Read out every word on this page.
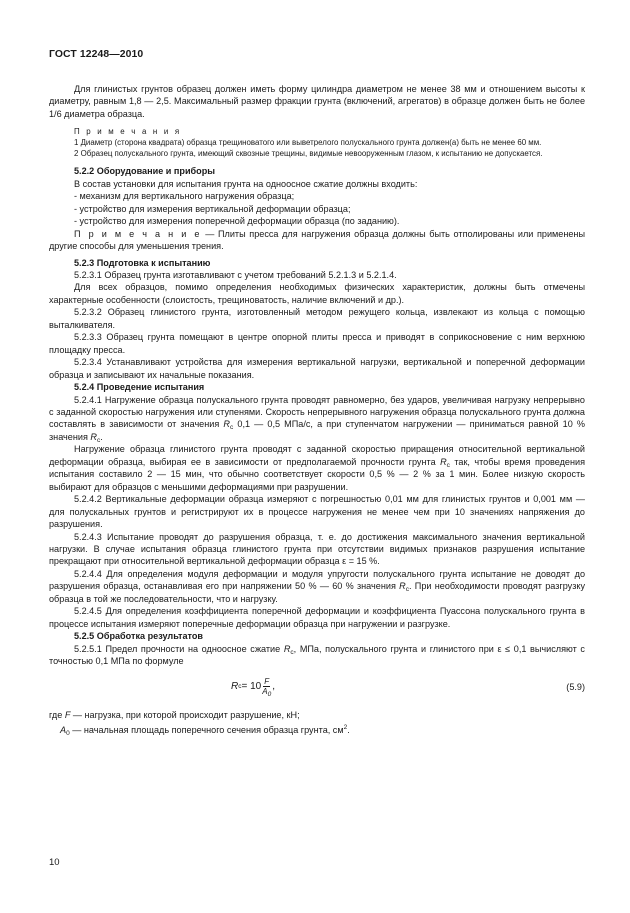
ГОСТ 12248—2010

Для глинистых грунтов образец должен иметь форму цилиндра диаметром не менее 38 мм и отношением высоты к диаметру, равным 1,8 — 2,5. Максимальный размер фракции грунта (включений, агрегатов) в образце должен быть не более 1/6 диаметра образца.

П р и м е ч а н и я

1 Диаметр (сторона квадрата) образца трещиноватого или выветрелого полускального грунта должен(а) быть не менее 60 мм.

2 Образец полускального грунта, имеющий сквозные трещины, видимые невооруженным глазом, к испытанию не допускается.

5.2.2 Оборудование и приборы

В состав установки для испытания грунта на одноосное сжатие должны входить:

- механизм для вертикального нагружения образца;

- устройство для измерения вертикальной деформации образца;

- устройство для измерения поперечной деформации образца (по заданию).

П р и м е ч а н и е — Плиты пресса для нагружения образца должны быть отполированы или применены другие способы для уменьшения трения.

5.2.3 Подготовка к испытанию

5.2.3.1 Образец грунта изготавливают с учетом требований 5.2.1.3 и 5.2.1.4.

Для всех образцов, помимо определения необходимых физических характеристик, должны быть отмечены характерные особенности (слоистость, трещиноватость, наличие включений и др.).

5.2.3.2 Образец глинистого грунта, изготовленный методом режущего кольца, извлекают из кольца с помощью выталкивателя.

5.2.3.3 Образец грунта помещают в центре опорной плиты пресса и приводят в соприкосновение с ним верхнюю площадку пресса.

5.2.3.4 Устанавливают устройства для измерения вертикальной нагрузки, вертикальной и поперечной деформации образца и записывают их начальные показания.

5.2.4 Проведение испытания

5.2.4.1 Нагружение образца полускального грунта проводят равномерно, без ударов, увеличивая нагрузку непрерывно с заданной скоростью нагружения или ступенями. Скорость непрерывного нагружения образца полускального грунта должна составлять в зависимости от значения $R_c$ 0,1 — 0,5 МПа/с, а при ступенчатом нагружении — приниматься равной 10 % значения $R_c$.

Нагружение образца глинистого грунта проводят с заданной скоростью приращения относительной вертикальной деформации образца, выбирая ее в зависимости от предполагаемой прочности грунта $R_c$ так, чтобы время проведения испытания составило 2 — 15 мин, что обычно соответствует скорости 0,5 % — 2 % за 1 мин. Более низкую скорость выбирают для образцов с меньшими деформациями при разрушении.

5.2.4.2 Вертикальные деформации образца измеряют с погрешностью 0,01 мм для глинистых грунтов и 0,001 мм — для полускальных грунтов и регистрируют их в процессе нагружения не менее чем при 10 значениях напряжения до разрушения.

5.2.4.3 Испытание проводят до разрушения образца, т. е. до достижения максимального значения вертикальной нагрузки. В случае испытания образца глинистого грунта при отсутствии видимых признаков разрушения испытание прекращают при относительной вертикальной деформации образца ε = 15 %.

5.2.4.4 Для определения модуля деформации и модуля упругости полускального грунта испытание не доводят до разрушения образца, останавливая его при напряжении 50 % — 60 % значения $R_c$. При необходимости проводят разгрузку образца в той же последовательности, что и нагрузку.

5.2.4.5 Для определения коэффициента поперечной деформации и коэффициента Пуассона полускального грунта в процессе испытания измеряют поперечные деформации образца при нагружении и разгрузке.

5.2.5 Обработка результатов

5.2.5.1 Предел прочности на одноосное сжатие $R_c$, МПа, полускального грунта и глинистого при ε ≤ 0,1 вычисляют с точностью 0,1 МПа по формуле

R $c = 10 \frac{F}{A_0}$ ,	(5.9)

где F — нагрузка, при которой происходит разрушение, кН;

$A_0$ — начальная площадь поперечного сечения образца грунта, $см^2$.

10
